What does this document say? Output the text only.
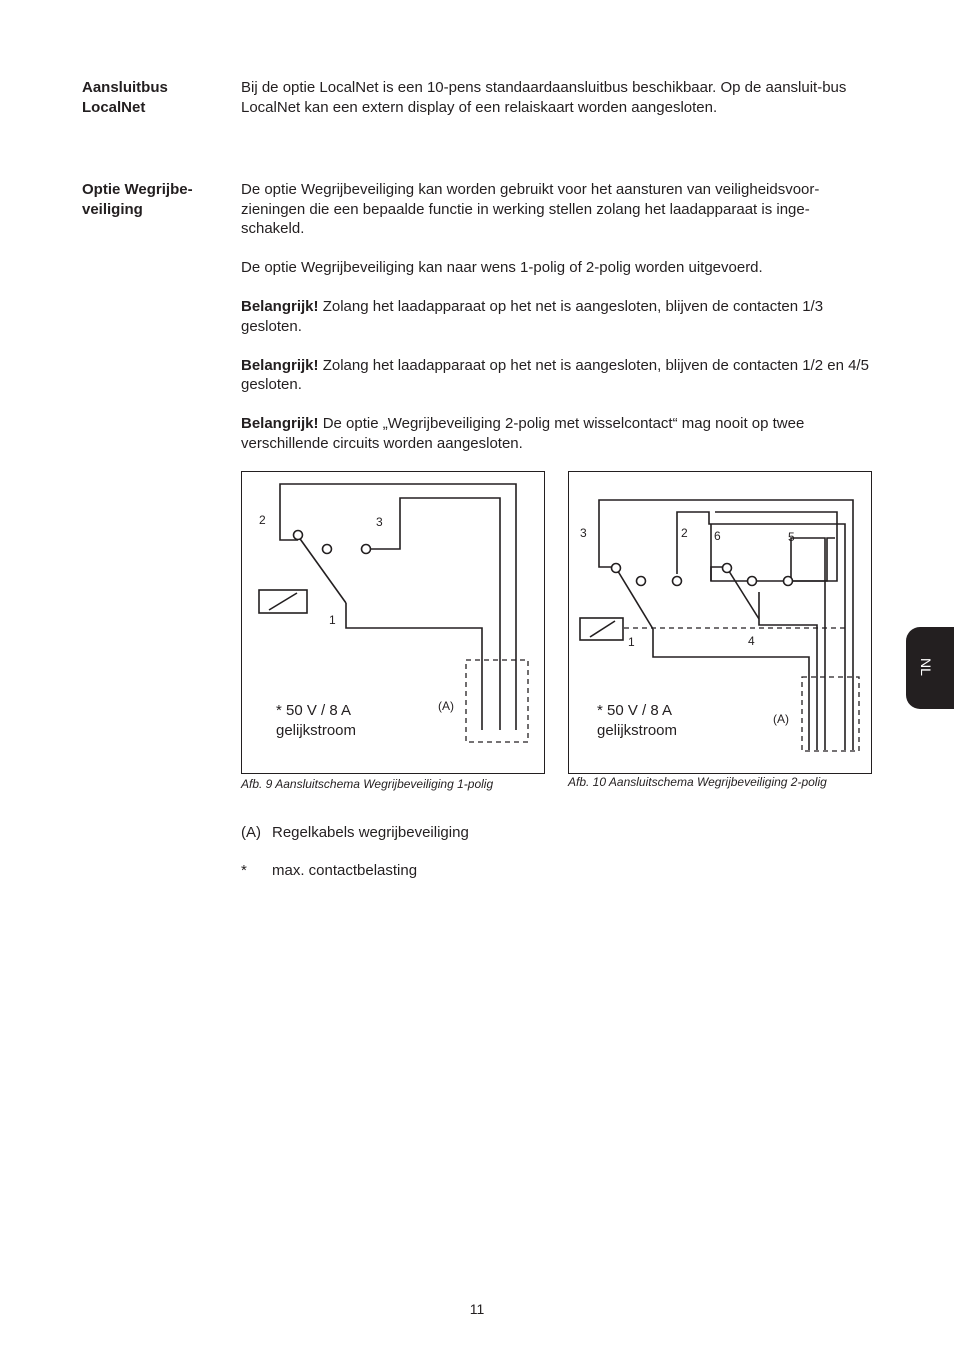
Aansluitbus
LocalNet

Bij de optie LocalNet is een 10-pens standaardaansluitbus beschikbaar. Op de aansluit-bus LocalNet kan een extern display of een relaiskaart worden aangesloten.

Optie Wegrijbe-
veiliging

De optie Wegrijbeveiliging kan worden gebruikt voor het aansturen van veiligheidsvoor-zieningen die een bepaalde functie in werking stellen zolang het laadapparaat is inge-schakeld.

De optie Wegrijbeveiliging kan naar wens 1-polig of 2-polig worden uitgevoerd.

Belangrijk! Zolang het laadapparaat op het net is aangesloten, blijven de contacten 1/3 gesloten.

Belangrijk! Zolang het laadapparaat op het net is aangesloten, blijven de contacten 1/2 en 4/5 gesloten.

Belangrijk! De optie „Wegrijbeveiliging 2-polig met wisselcontact“ mag nooit op twee verschillende circuits worden aangesloten.

2	3
1
(A)
* 50 V / 8 A
gelijkstroom
Afb. 9 Aansluitschema Wegrijbeveiliging 1-polig
3	2 6	5
1	4
(A)
* 50 V / 8 A
gelijkstroom
Afb. 10 Aansluitschema Wegrijbeveiliging 2-polig
(A) Regelkabels wegrijbeveiliging
* max. contactbelasting
NL
11
